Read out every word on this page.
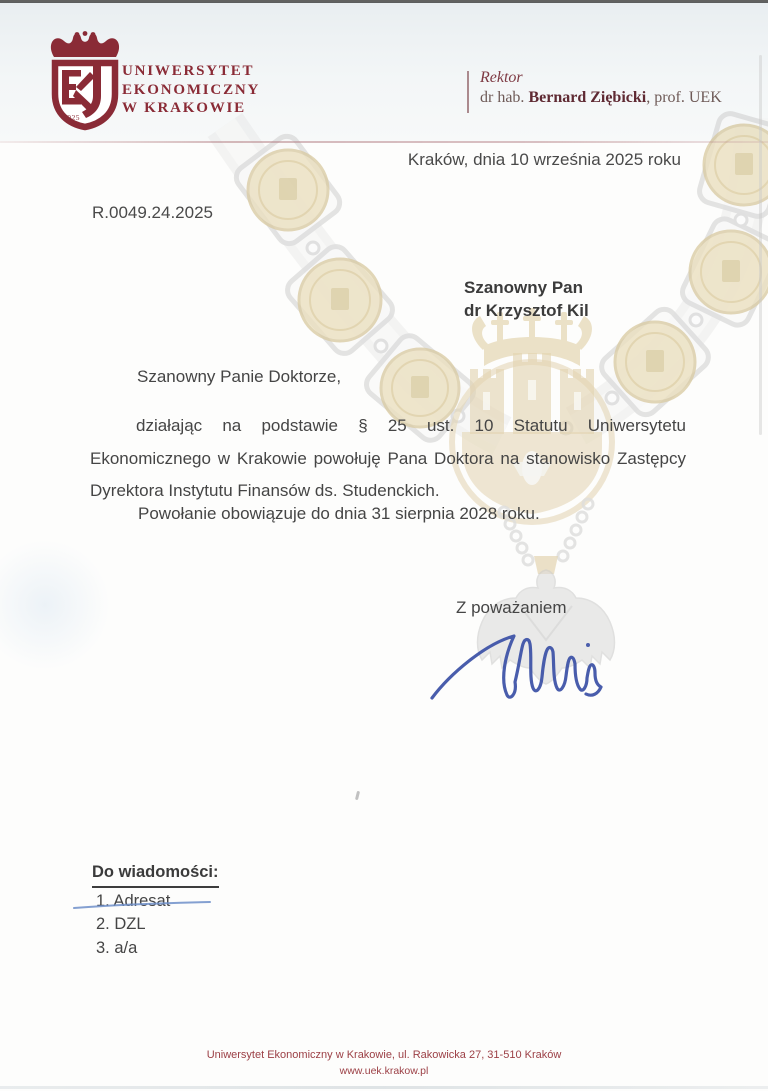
1925
UNIWERSYTET
EKONOMICZNY
W KRAKOWIE
Rektor
dr hab. Bernard Ziębicki, prof. UEK
Kraków, dnia 10 września 2025 roku
R.0049.24.2025
Szanowny Pan
dr Krzysztof Kil
Szanowny Panie Doktorze,

działając na podstawie § 25 ust. 10 Statutu Uniwersytetu Ekonomicznego w Krakowie powołuję Pana Doktora na stanowisko Zastępcy Dyrektora Instytutu Finansów ds. Studenckich.

Powołanie obowiązuje do dnia 31 sierpnia 2028 roku.

Z poważaniem
Do wiadomości:
1. Adresat
2. DZL
3. a/a
Uniwersytet Ekonomiczny w Krakowie, ul. Rakowicka 27, 31-510 Kraków
www.uek.krakow.pl
